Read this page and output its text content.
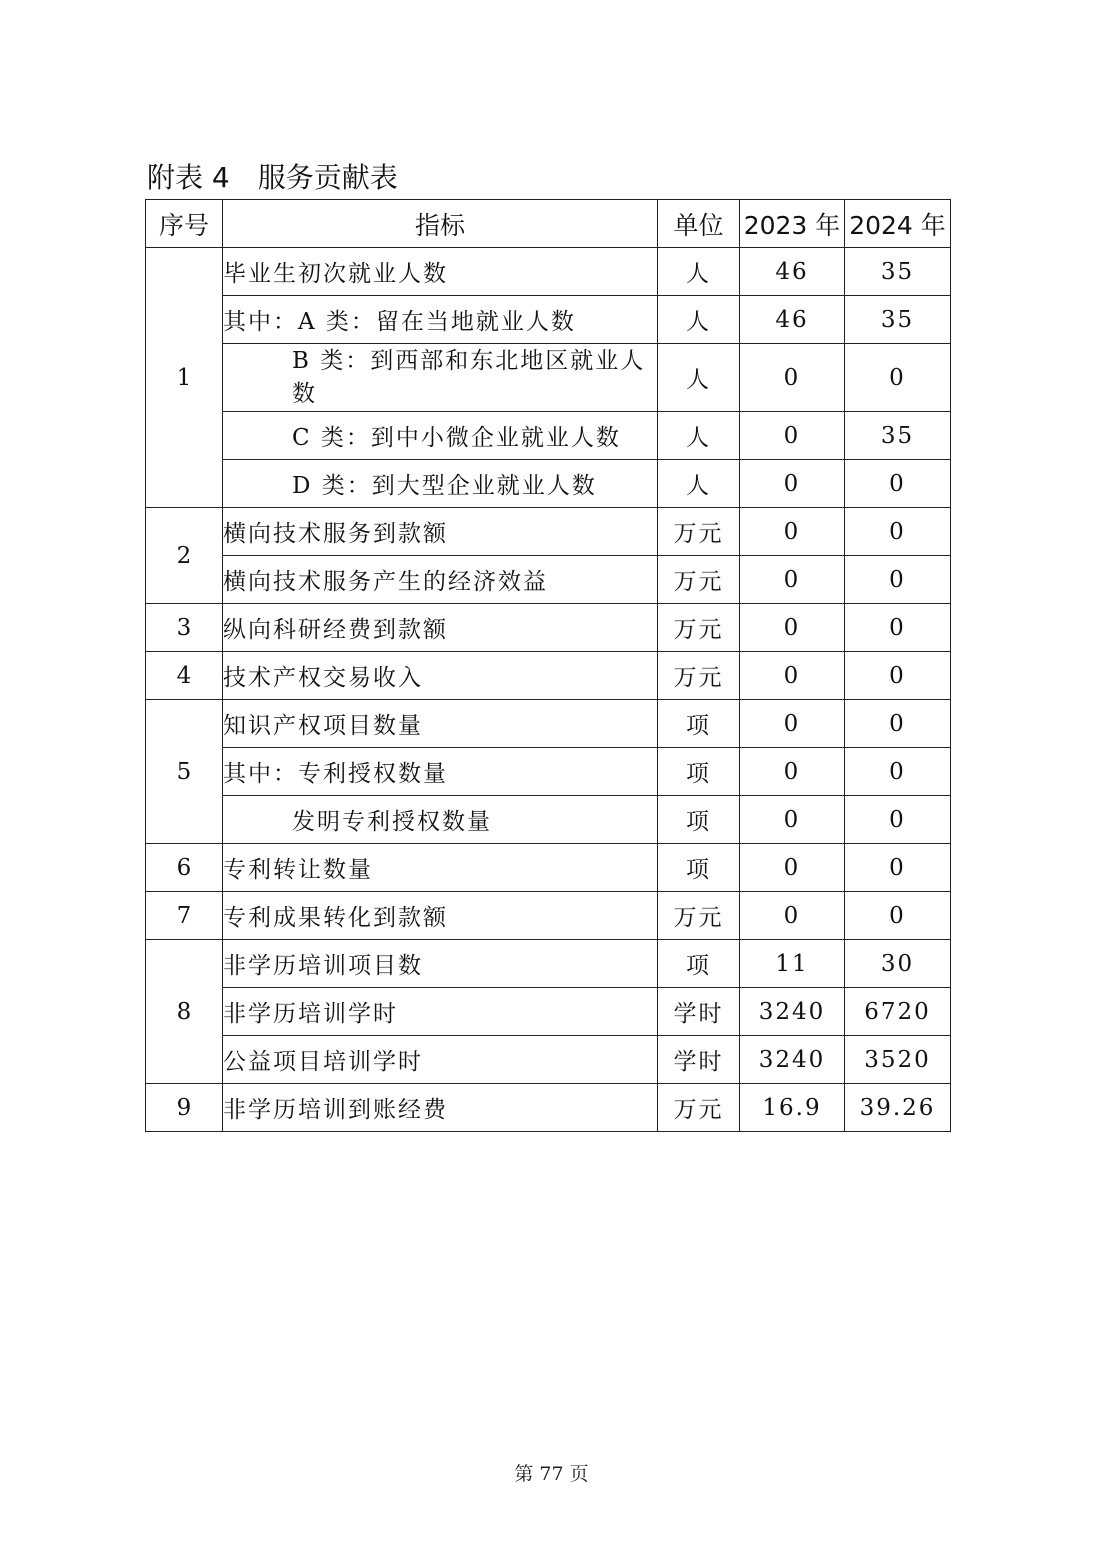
附表 4　服务贡献表
序号	指标	单位	2023 年	2024 年
1	毕业生初次就业人数	人	46	35
	其中：A 类：留在当地就业人数	人	46	35
	B 类：到西部和东北地区就业人数	人	0	0
	C 类：到中小微企业就业人数	人	0	35
	D 类：到大型企业就业人数	人	0	0
2	横向技术服务到款额	万元	0	0
	横向技术服务产生的经济效益	万元	0	0
3	纵向科研经费到款额	万元	0	0
4	技术产权交易收入	万元	0	0
5	知识产权项目数量	项	0	0
	其中：专利授权数量	项	0	0
	发明专利授权数量	项	0	0
6	专利转让数量	项	0	0
7	专利成果转化到款额	万元	0	0
8	非学历培训项目数	项	11	30
	非学历培训学时	学时	3240	6720
	公益项目培训学时	学时	3240	3520
9	非学历培训到账经费	万元	16.9	39.26
第 77 页
